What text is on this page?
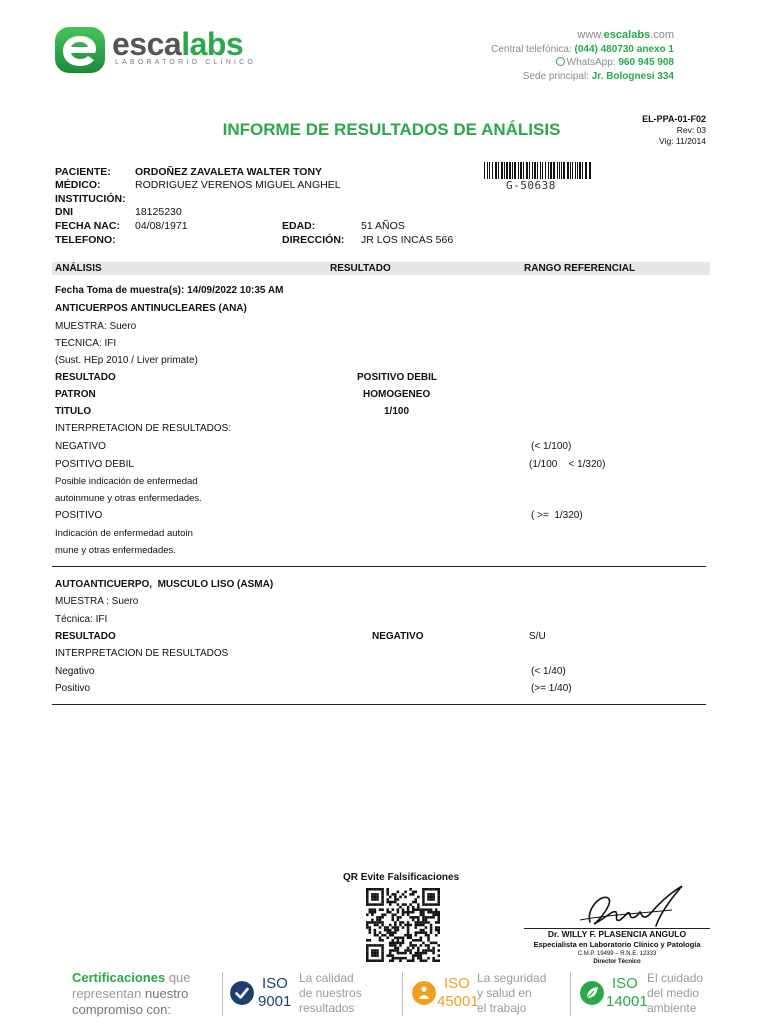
escalabs
LABORATORIO CLÍNICO
www.escalabs.com
Central telefónica: (044) 480730 anexo 1
WhatsApp: 960 945 908
Sede principal: Jr. Bolognesi 334
INFORME DE RESULTADOS DE ANÁLISIS
EL-PPA-01-F02
Rev: 03
Vig: 11/2014
PACIENTE: ORDOÑEZ ZAVALETA WALTER TONY
MÉDICO:	RODRIGUEZ VERENOS MIGUEL ANGHEL
INSTITUCIÓN:
DNI	18125230
FECHA NAC: 04/08/1971	EDAD:	51 AÑOS
TELEFONO:	DIRECCIÓN: JR LOS INCAS 566
G-50638
ANÁLISIS	RESULTADO	RANGO REFERENCIAL
Fecha Toma de muestra(s): 14/09/2022 10:35 AM
ANTICUERPOS ANTINUCLEARES (ANA)
MUESTRA: Suero
TECNICA: IFI
(Sust. HEp 2010 / Liver primate)
RESULTADO	POSITIVO DEBIL
PATRON	HOMOGENEO
TITULO	1/100
INTERPRETACION DE RESULTADOS:
NEGATIVO	(< 1/100)
POSITIVO DEBIL	(1/100    < 1/320)
Posible indicación de enfermedad
autoinmune y otras enfermedades.
POSITIVO	( >=  1/320)
Indicación de enfermedad autoin
mune y otras enfermedades.
AUTOANTICUERPO,  MUSCULO LISO (ASMA)
MUESTRA : Suero
Técnica: IFI
RESULTADO	NEGATIVO	S/U
INTERPRETACION DE RESULTADOS
Negativo	(< 1/40)
Positivo	(>= 1/40)
QR Evite Falsificaciones
Dr. WILLY F. PLASENCIA ANGULO
Especialista en Laboratorio Clínico y Patología
C.M.P. 19499 – R.N.E. 12333
Director Técnico
Certificaciones que
representan nuestro
compromiso con:
ISO
9001
La calidad
de nuestros
resultados
ISO
45001
La seguridad
y salud en
el trabajo
ISO
14001
El cuidado
del medio
ambiente
